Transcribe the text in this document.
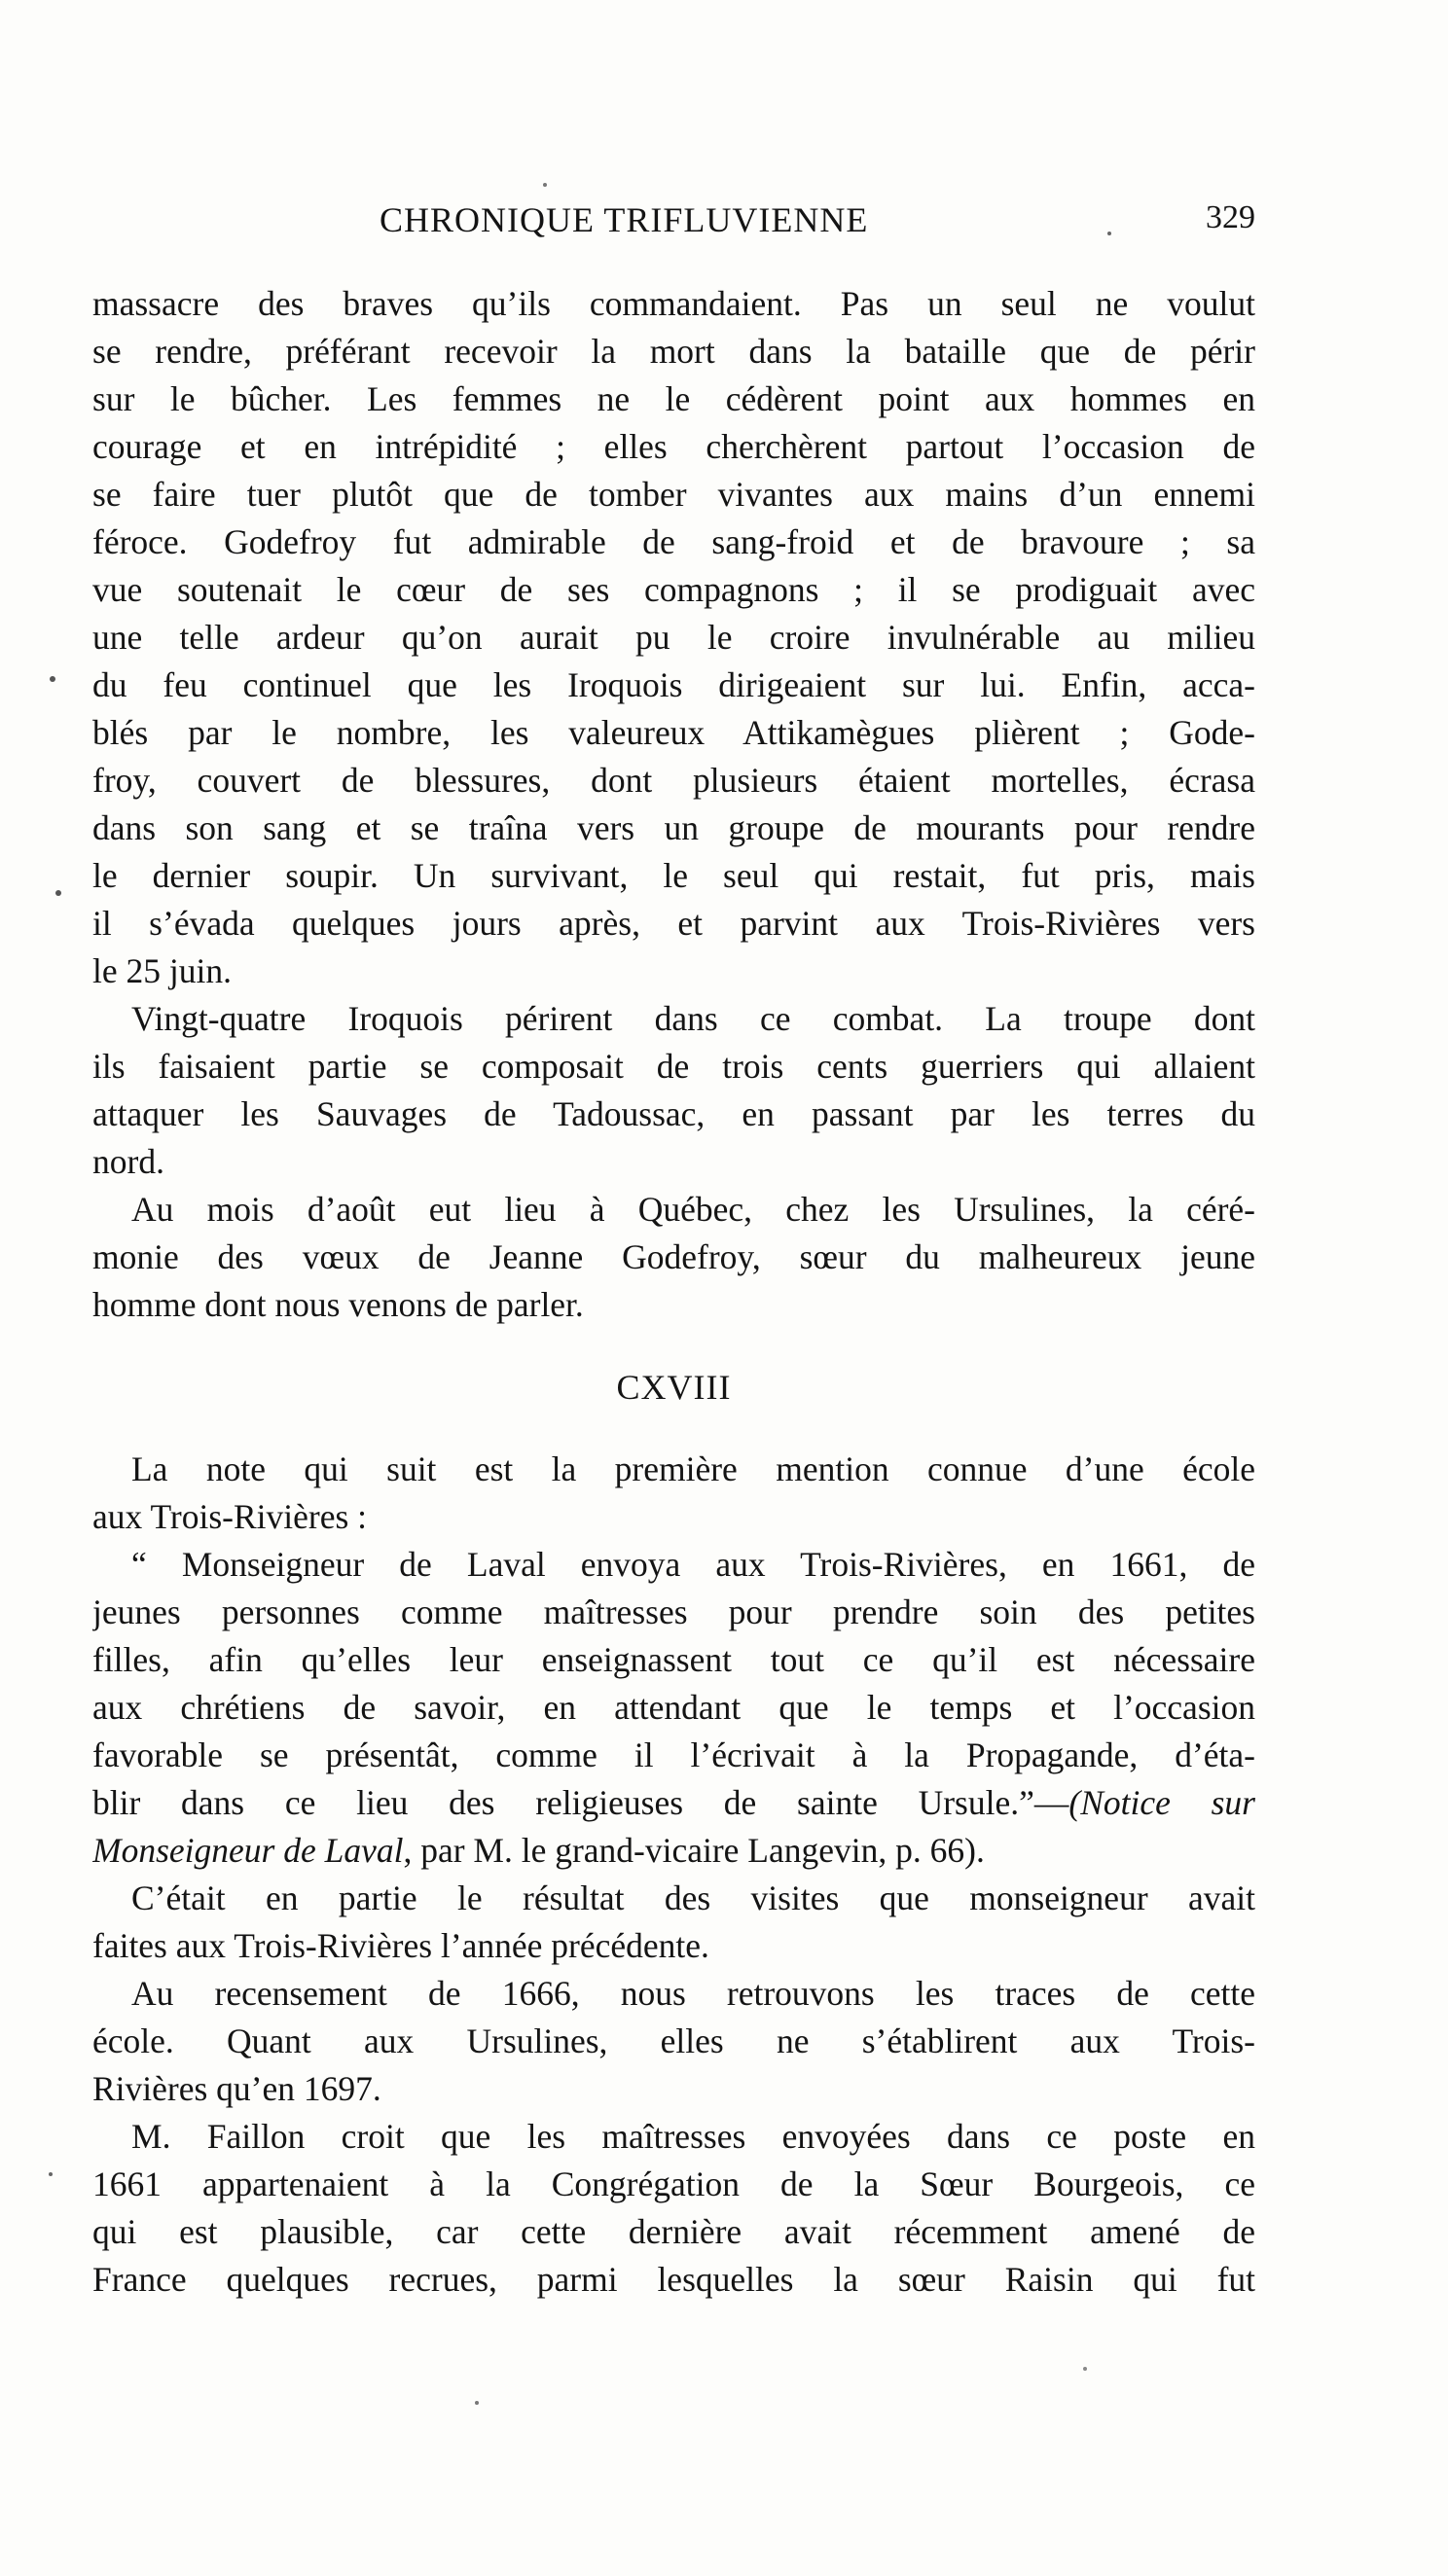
CHRONIQUE TRIFLUVIENNE	329
massacre des braves qu’ils commandaient. Pas un seul ne voulut
se rendre, préférant recevoir la mort dans la bataille que de périr
sur le bûcher. Les femmes ne le cédèrent point aux hommes en
courage et en intrépidité ; elles cherchèrent partout l’occasion de
se faire tuer plutôt que de tomber vivantes aux mains d’un ennemi
féroce. Godefroy fut admirable de sang-froid et de bravoure ; sa
vue soutenait le cœur de ses compagnons ; il se prodiguait avec
une telle ardeur qu’on aurait pu le croire invulnérable au milieu
du feu continuel que les Iroquois dirigeaient sur lui. Enfin, acca-
blés par le nombre, les valeureux Attikamègues plièrent ; Gode-
froy, couvert de blessures, dont plusieurs étaient mortelles, écrasa
dans son sang et se traîna vers un groupe de mourants pour rendre
le dernier soupir. Un survivant, le seul qui restait, fut pris, mais
il s’évada quelques jours après, et parvint aux Trois-Rivières vers
le 25 juin.
Vingt-quatre Iroquois périrent dans ce combat. La troupe dont
ils faisaient partie se composait de trois cents guerriers qui allaient
attaquer les Sauvages de Tadoussac, en passant par les terres du
nord.
Au mois d’août eut lieu à Québec, chez les Ursulines, la céré-
monie des vœux de Jeanne Godefroy, sœur du malheureux jeune
homme dont nous venons de parler.
CXVIII
La note qui suit est la première mention connue d’une école
aux Trois-Rivières :
“ Monseigneur de Laval envoya aux Trois-Rivières, en 1661, de
jeunes personnes comme maîtresses pour prendre soin des petites
filles, afin qu’elles leur enseignassent tout ce qu’il est nécessaire
aux chrétiens de savoir, en attendant que le temps et l’occasion
favorable se présentât, comme il l’écrivait à la Propagande, d’éta-
blir dans ce lieu des religieuses de sainte Ursule.”—(Notice sur
Monseigneur de Laval, par M. le grand-vicaire Langevin, p. 66).
C’était en partie le résultat des visites que monseigneur avait
faites aux Trois-Rivières l’année précédente.
Au recensement de 1666, nous retrouvons les traces de cette
école. Quant aux Ursulines, elles ne s’établirent aux Trois-
Rivières qu’en 1697.
M. Faillon croit que les maîtresses envoyées dans ce poste en
1661 appartenaient à la Congrégation de la Sœur Bourgeois, ce
qui est plausible, car cette dernière avait récemment amené de
France quelques recrues, parmi lesquelles la sœur Raisin qui fut
